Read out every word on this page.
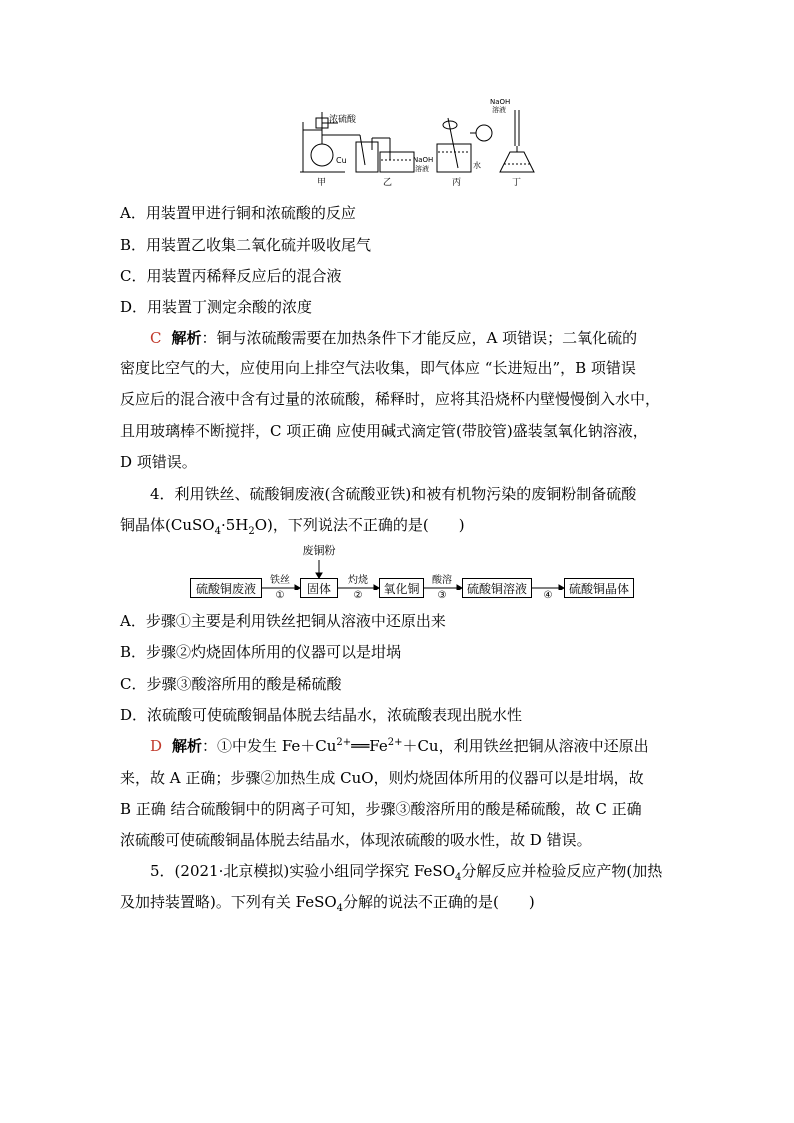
浓硫酸
Cu	NaOH
溶液	水
NaOH
溶液
甲	乙	丙	丁
A．用装置甲进行铜和浓硫酸的反应
B．用装置乙收集二氧化硫并吸收尾气
C．用装置丙稀释反应后的混合液
D．用装置丁测定余酸的浓度
C 解析：铜与浓硫酸需要在加热条件下才能反应，A 项错误；二氧化硫的
密度比空气的大，应使用向上排空气法收集，即气体应 “长进短出”，B 项错误
反应后的混合液中含有过量的浓硫酸，稀释时，应将其沿烧杯内壁慢慢倒入水中，
且用玻璃棒不断搅拌，C 项正确 应使用碱式滴定管(带胶管)盛装氢氧化钠溶液，
D 项错误。
4．利用铁丝、硫酸铜废液(含硫酸亚铁)和被有机物污染的废铜粉制备硫酸
铜晶体$(CuSO_4\cdot 5H_2O)$，下列说法不正确的是(　　)
废铜粉
硫酸铜废液	固体	氧化铜	硫酸铜溶液	硫酸铜晶体
铁丝	灼烧	酸溶
①	②	③	④
A．步骤①主要是利用铁丝把铜从溶液中还原出来
B．步骤②灼烧固体所用的仪器可以是坩埚
C．步骤③酸溶所用的酸是稀硫酸
D．浓硫酸可使硫酸铜晶体脱去结晶水，浓硫酸表现出脱水性
D 解析：①中发生 $Fe+Cu^{2+}══Fe^{2+}+Cu$，利用铁丝把铜从溶液中还原出
来，故 A 正确；步骤②加热生成 CuO，则灼烧固体所用的仪器可以是坩埚，故
B 正确 结合硫酸铜中的阴离子可知，步骤③酸溶所用的酸是稀硫酸，故 C 正确
浓硫酸可使硫酸铜晶体脱去结晶水，体现浓硫酸的吸水性，故 D 错误。
5．(2021·北京模拟)实验小组同学探究 FeSO$_4$分解反应并检验反应产物(加热
及加持装置略)。下列有关 FeSO$_4$分解的说法不正确的是(　　)
